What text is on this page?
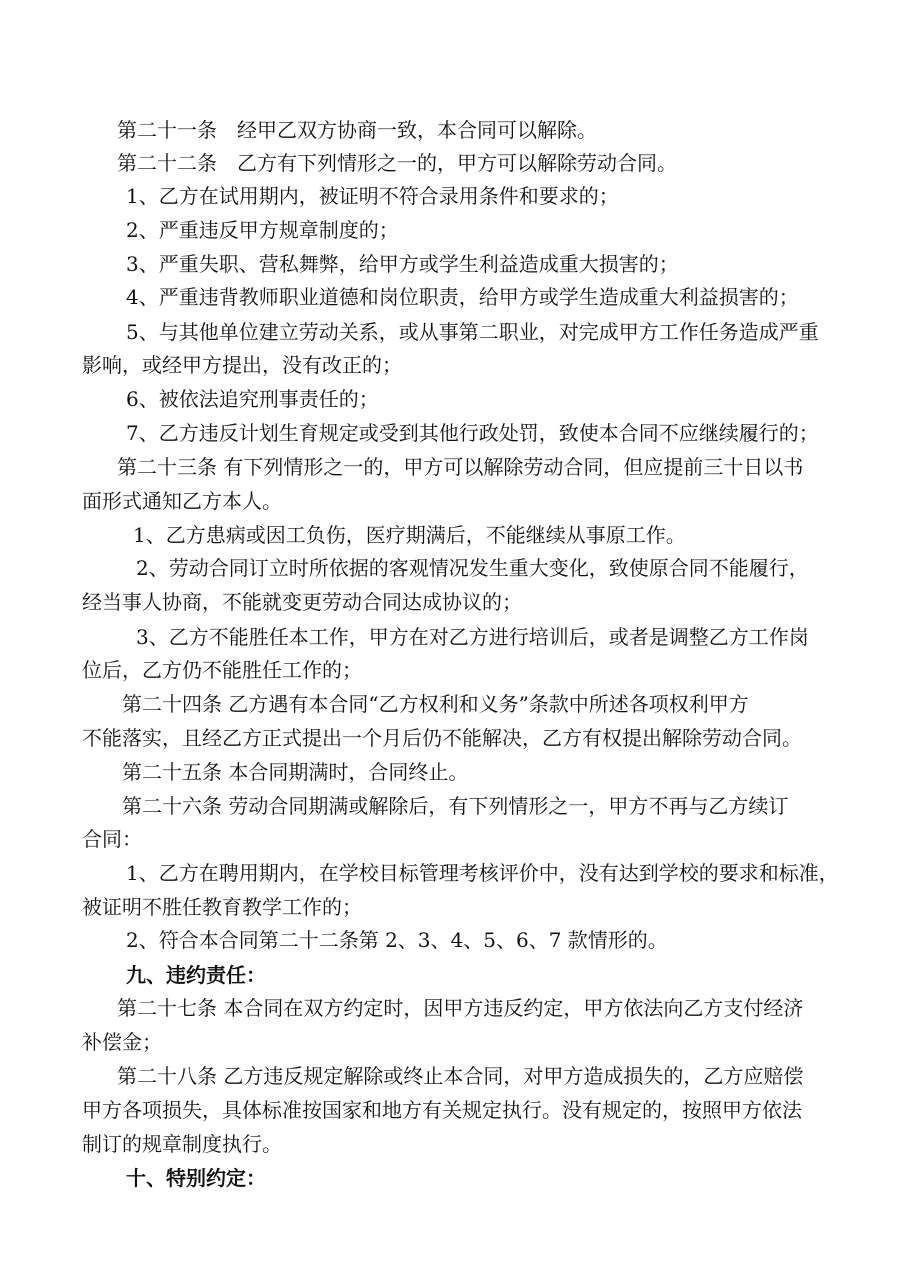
第二十一条　经甲乙双方协商一致，本合同可以解除。
第二十二条　乙方有下列情形之一的，甲方可以解除劳动合同。
1、乙方在试用期内，被证明不符合录用条件和要求的；
2、严重违反甲方规章制度的；
3、严重失职、营私舞弊，给甲方或学生利益造成重大损害的；
4、严重违背教师职业道德和岗位职责，给甲方或学生造成重大利益损害的；
5、与其他单位建立劳动关系，或从事第二职业，对完成甲方工作任务造成严重
影响，或经甲方提出，没有改正的；
6、被依法追究刑事责任的；
7、乙方违反计划生育规定或受到其他行政处罚，致使本合同不应继续履行的；
第二十三条 有下列情形之一的，甲方可以解除劳动合同，但应提前三十日以书
面形式通知乙方本人。
1、乙方患病或因工负伤，医疗期满后，不能继续从事原工作。
2、劳动合同订立时所依据的客观情况发生重大变化，致使原合同不能履行，
经当事人协商，不能就变更劳动合同达成协议的；
3、乙方不能胜任本工作，甲方在对乙方进行培训后，或者是调整乙方工作岗
位后，乙方仍不能胜任工作的；
第二十四条 乙方遇有本合同“乙方权利和义务”条款中所述各项权利甲方
不能落实，且经乙方正式提出一个月后仍不能解决，乙方有权提出解除劳动合同。
第二十五条 本合同期满时，合同终止。
第二十六条 劳动合同期满或解除后，有下列情形之一，甲方不再与乙方续订
合同：
1、乙方在聘用期内，在学校目标管理考核评价中，没有达到学校的要求和标准，
被证明不胜任教育教学工作的；
2、符合本合同第二十二条第 2、3、4、5、6、7 款情形的。
九、违约责任：
第二十七条 本合同在双方约定时，因甲方违反约定，甲方依法向乙方支付经济
补偿金；
第二十八条 乙方违反规定解除或终止本合同，对甲方造成损失的，乙方应赔偿
甲方各项损失，具体标准按国家和地方有关规定执行。没有规定的，按照甲方依法
制订的规章制度执行。
十、特别约定：
